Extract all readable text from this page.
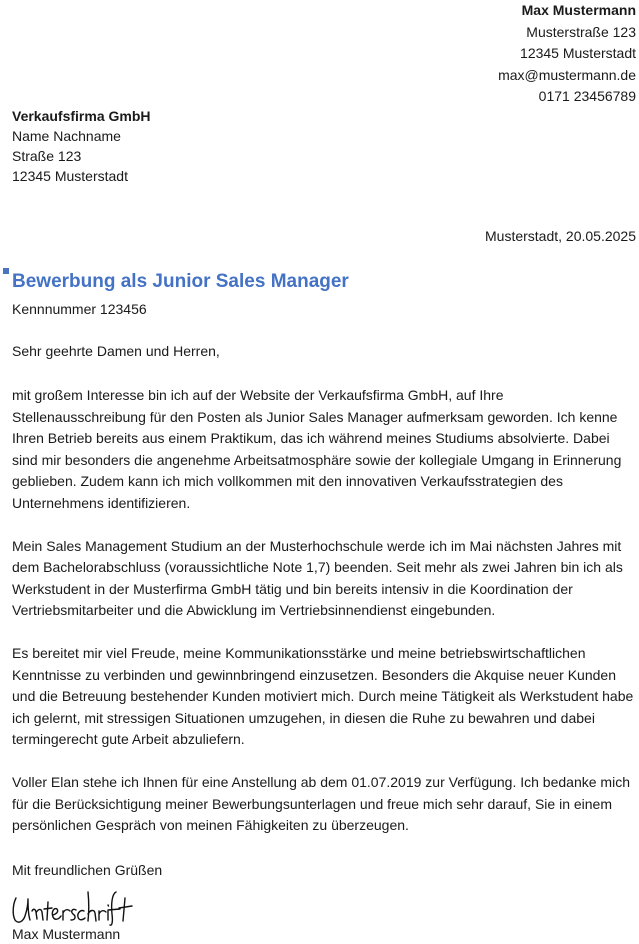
Max Mustermann
Musterstraße 123
12345 Musterstadt
max@mustermann.de
0171 23456789
Verkaufsfirma GmbH
Name Nachname
Straße 123
12345 Musterstadt
Musterstadt, 20.05.2025
Bewerbung als Junior Sales Manager
Kennnummer 123456
Sehr geehrte Damen und Herren,

mit großem Interesse bin ich auf der Website der Verkaufsfirma GmbH, auf Ihre Stellenausschreibung für den Posten als Junior Sales Manager aufmerksam geworden. Ich kenne Ihren Betrieb bereits aus einem Praktikum, das ich während meines Studiums absolvierte. Dabei sind mir besonders die angenehme Arbeitsatmosphäre sowie der kollegiale Umgang in Erinnerung geblieben. Zudem kann ich mich vollkommen mit den innovativen Verkaufsstrategien des Unternehmens identifizieren.

Mein Sales Management Studium an der Musterhochschule werde ich im Mai nächsten Jahres mit dem Bachelorabschluss (voraussichtliche Note 1,7) beenden. Seit mehr als zwei Jahren bin ich als Werkstudent in der Musterfirma GmbH tätig und bin bereits intensiv in die Koordination der Vertriebsmitarbeiter und die Abwicklung im Vertriebsinnendienst eingebunden.

Es bereitet mir viel Freude, meine Kommunikationsstärke und meine betriebswirtschaftlichen Kenntnisse zu verbinden und gewinnbringend einzusetzen. Besonders die Akquise neuer Kunden und die Betreuung bestehender Kunden motiviert mich. Durch meine Tätigkeit als Werkstudent habe ich gelernt, mit stressigen Situationen umzugehen, in diesen die Ruhe zu bewahren und dabei termingerecht gute Arbeit abzuliefern.

Voller Elan stehe ich Ihnen für eine Anstellung ab dem 01.07.2019 zur Verfügung. Ich bedanke mich für die Berücksichtigung meiner Bewerbungsunterlagen und freue mich sehr darauf, Sie in einem persönlichen Gespräch von meinen Fähigkeiten zu überzeugen.

Mit freundlichen Grüßen
Max Mustermann
